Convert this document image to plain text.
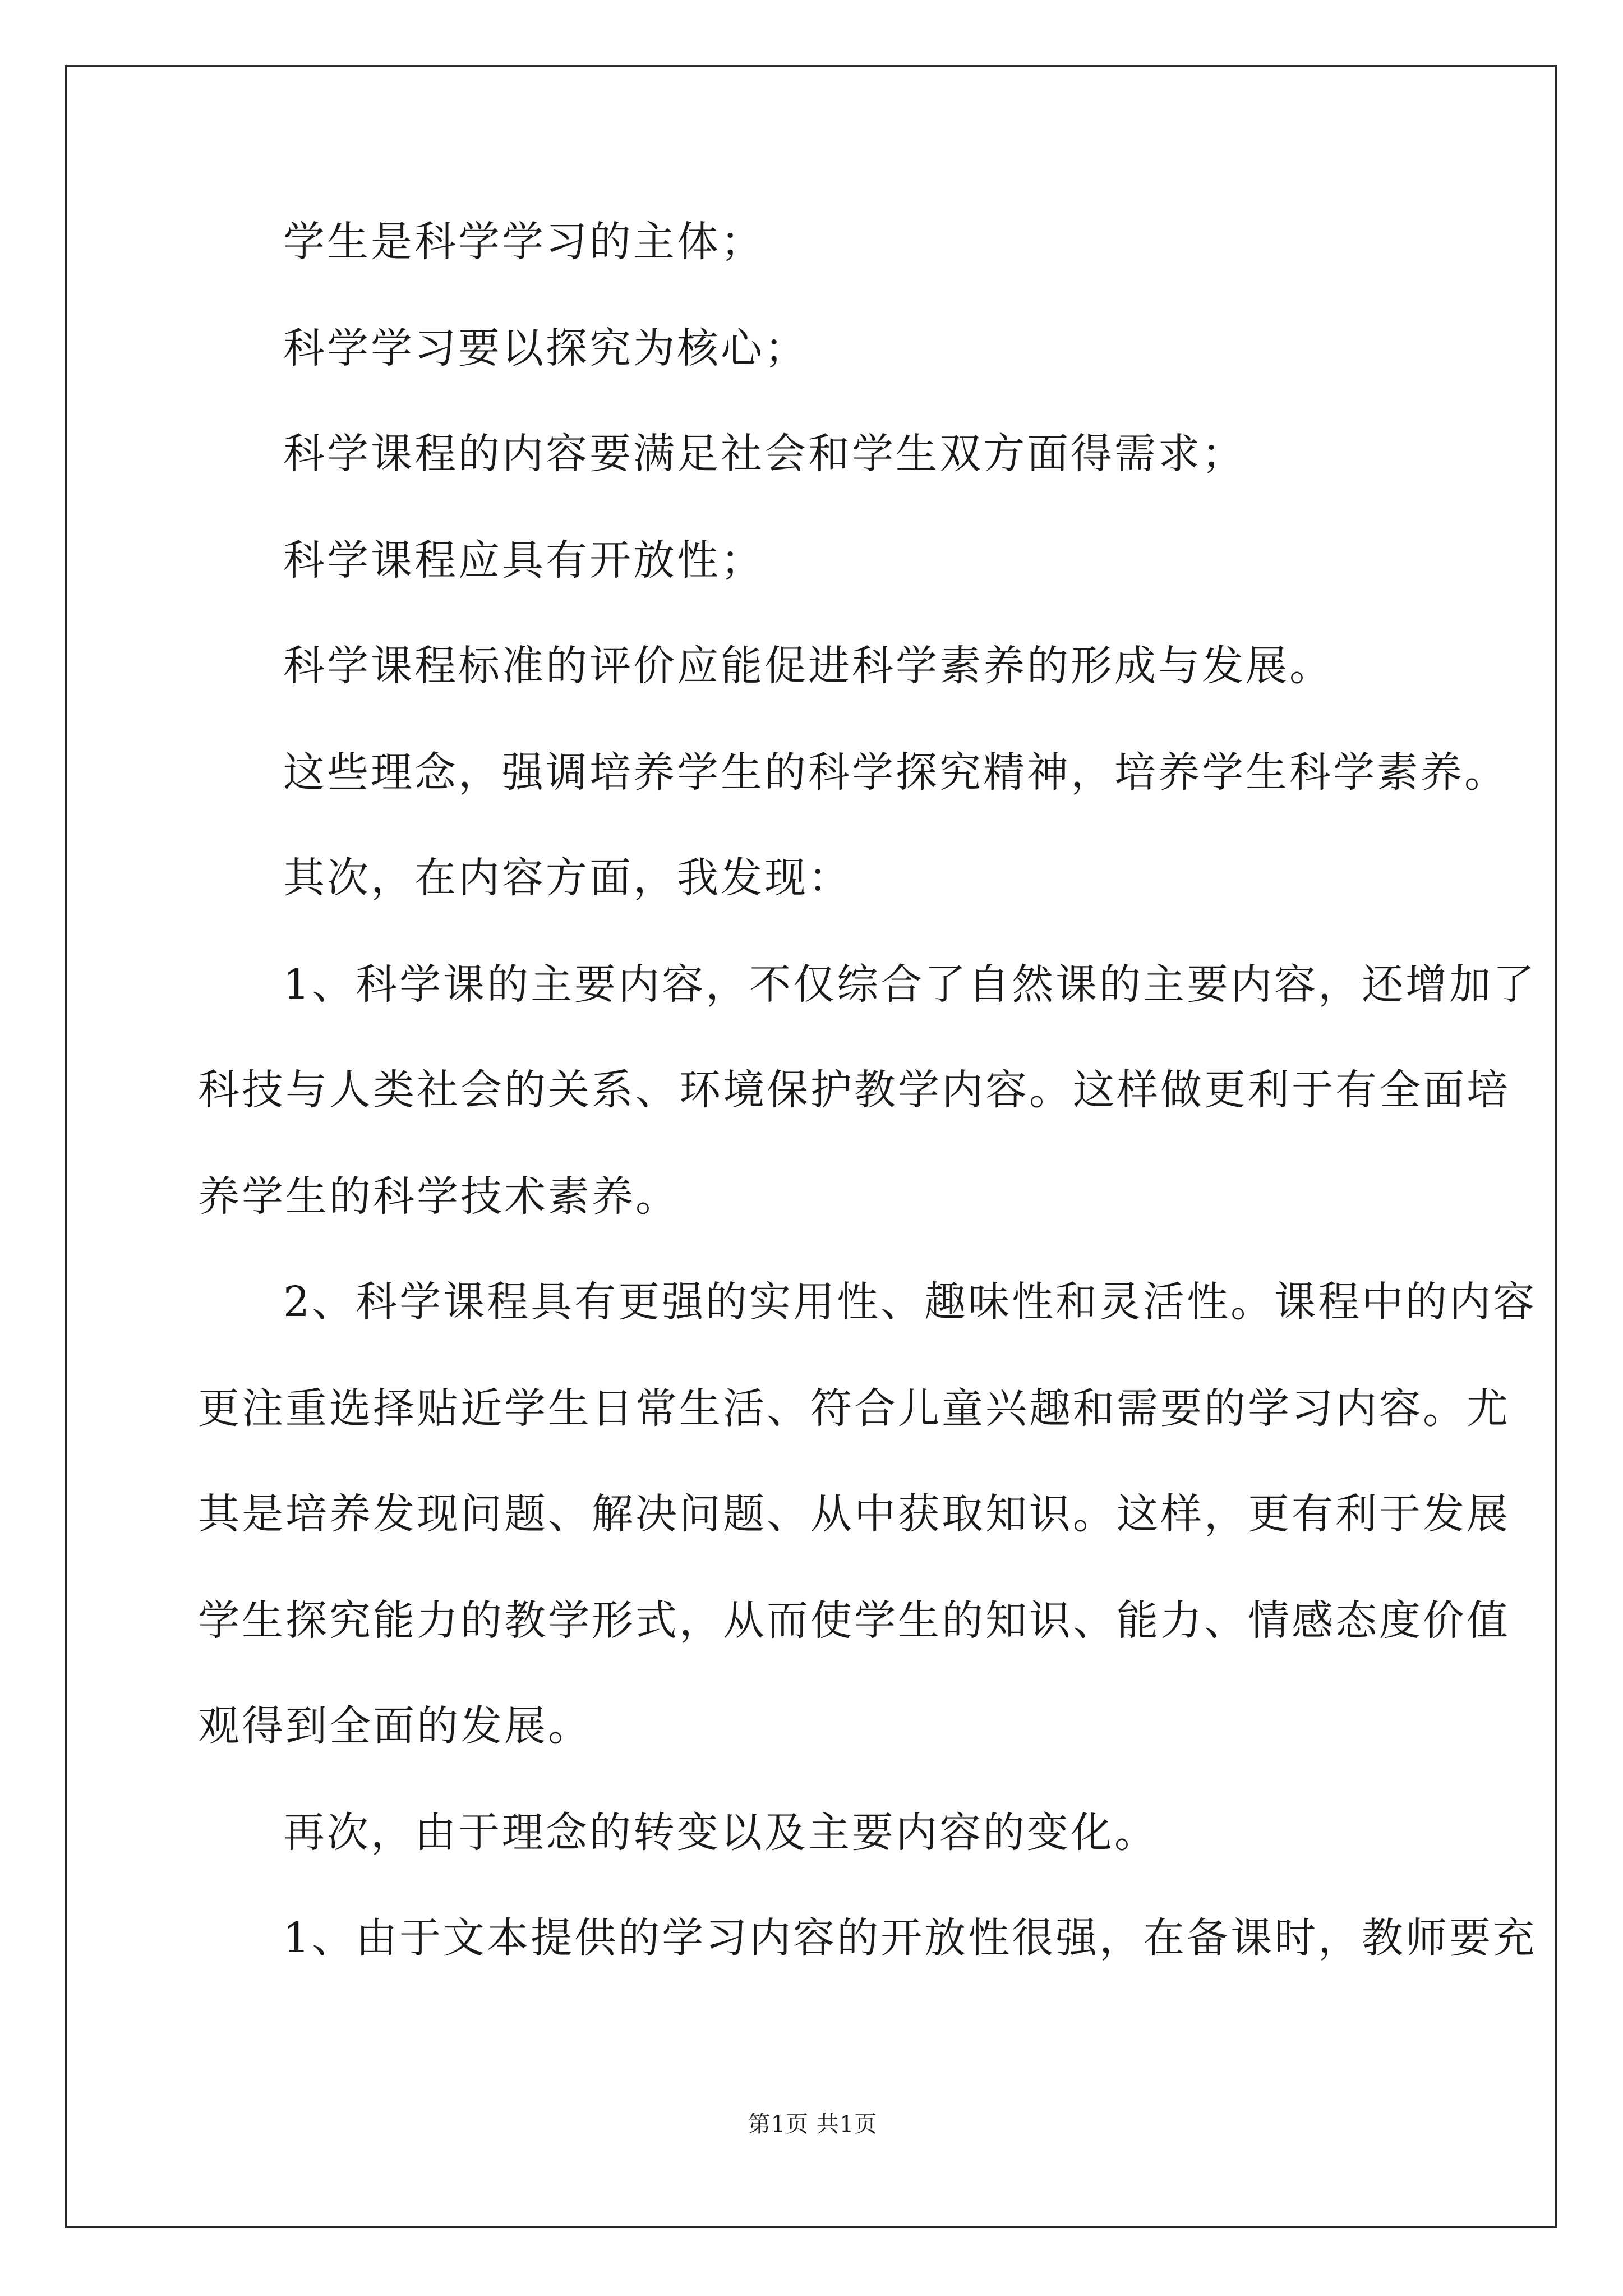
学生是科学学习的主体；
科学学习要以探究为核心；
科学课程的内容要满足社会和学生双方面得需求；
科学课程应具有开放性；
科学课程标准的评价应能促进科学素养的形成与发展。
这些理念，强调培养学生的科学探究精神，培养学生科学素养。
其次，在内容方面，我发现：
1、科学课的主要内容，不仅综合了自然课的主要内容，还增加了
科技与人类社会的关系、环境保护教学内容。这样做更利于有全面培
养学生的科学技术素养。
2、科学课程具有更强的实用性、趣味性和灵活性。课程中的内容
更注重选择贴近学生日常生活、符合儿童兴趣和需要的学习内容。尤
其是培养发现问题、解决问题、从中获取知识。这样，更有利于发展
学生探究能力的教学形式，从而使学生的知识、能力、情感态度价值
观得到全面的发展。
再次，由于理念的转变以及主要内容的变化。
1、由于文本提供的学习内容的开放性很强，在备课时，教师要充
第1页 共1页
